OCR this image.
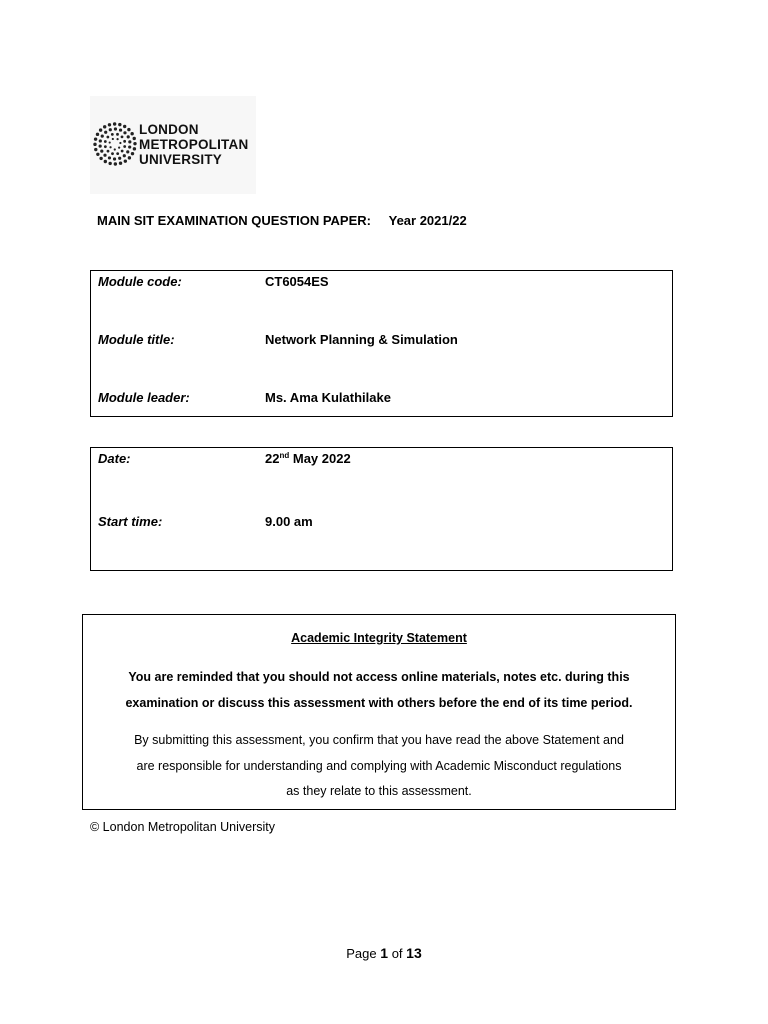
LONDON
METROPOLITAN
UNIVERSITY
MAIN SIT EXAMINATION QUESTION PAPER: Year 2021/22
Module code:	CT6054ES
Module title:	Network Planning & Simulation
Module leader:	Ms. Ama Kulathilake
Date:	22nd May 2022
Start time:	9.00 am

Academic Integrity Statement

You are reminded that you should not access online materials, notes etc. during this

examination or discuss this assessment with others before the end of its time period.

By submitting this assessment, you confirm that you have read the above Statement and

are responsible for understanding and complying with Academic Misconduct regulations

as they relate to this assessment.

© London Metropolitan University
Page 1 of 13
